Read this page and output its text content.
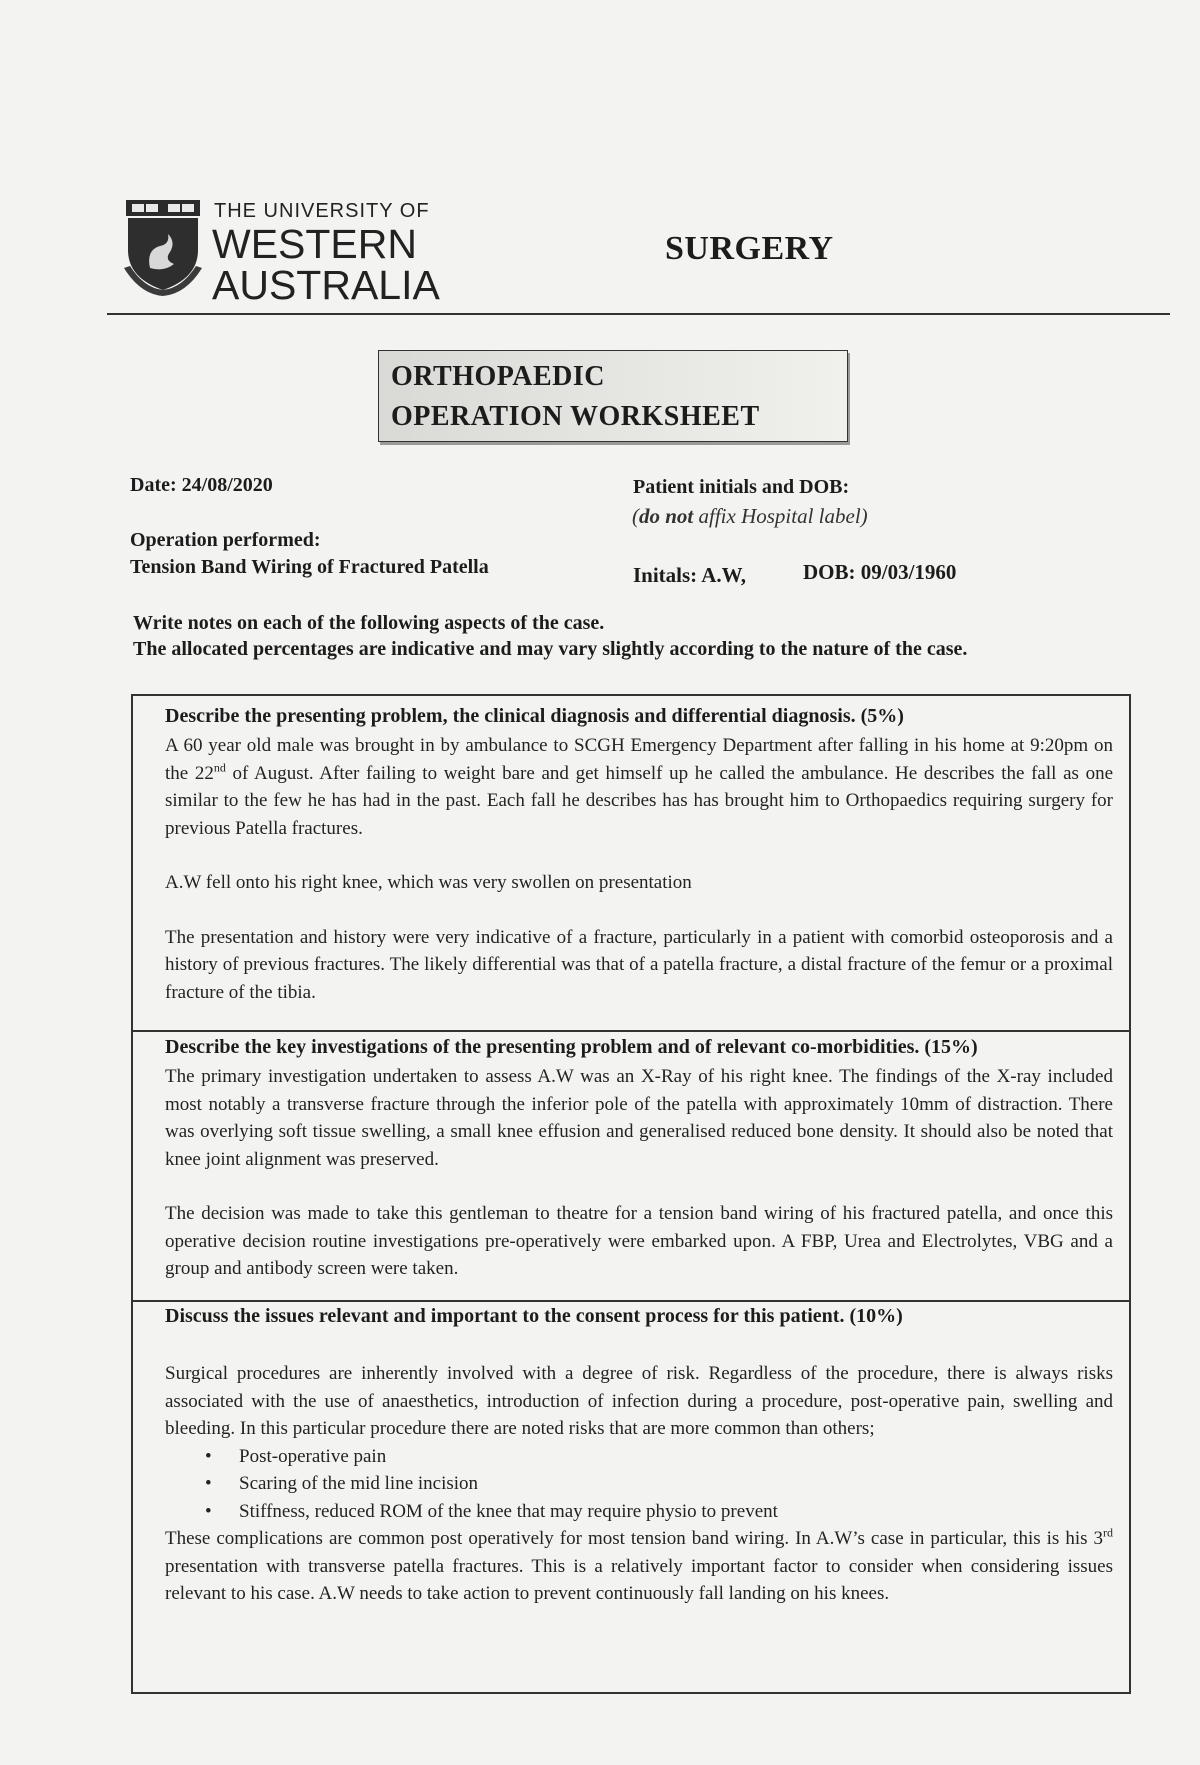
THE UNIVERSITY OF
WESTERN
AUSTRALIA
SURGERY
ORTHOPAEDIC
OPERATION WORKSHEET
Date: 24/08/2020
Operation performed:
Tension Band Wiring of Fractured Patella
Patient initials and DOB:
(do not affix Hospital label)
Initals: A.W,	DOB: 09/03/1960
Write notes on each of the following aspects of the case.
The allocated percentages are indicative and may vary slightly according to the nature of the case.
Describe the presenting problem, the clinical diagnosis and differential diagnosis. (5%)

A 60 year old male was brought in by ambulance to SCGH Emergency Department after falling in his home at 9:20pm on the 22nd of August. After failing to weight bare and get himself up he called the ambulance. He describes the fall as one similar to the few he has had in the past. Each fall he describes has has brought him to Orthopaedics requiring surgery for previous Patella fractures.

A.W fell onto his right knee, which was very swollen on presentation

The presentation and history were very indicative of a fracture, particularly in a patient with comorbid osteoporosis and a history of previous fractures. The likely differential was that of a patella fracture, a distal fracture of the femur or a proximal fracture of the tibia.

Describe the key investigations of the presenting problem and of relevant co-morbidities. (15%)

The primary investigation undertaken to assess A.W was an X-Ray of his right knee. The findings of the X-ray included most notably a transverse fracture through the inferior pole of the patella with approximately 10mm of distraction. There was overlying soft tissue swelling, a small knee effusion and generalised reduced bone density. It should also be noted that knee joint alignment was preserved.

The decision was made to take this gentleman to theatre for a tension band wiring of his fractured patella, and once this operative decision routine investigations pre-operatively were embarked upon. A FBP, Urea and Electrolytes, VBG and a group and antibody screen were taken.

Discuss the issues relevant and important to the consent process for this patient. (10%)

Surgical procedures are inherently involved with a degree of risk. Regardless of the procedure, there is always risks associated with the use of anaesthetics, introduction of infection during a procedure, post-operative pain, swelling and bleeding. In this particular procedure there are noted risks that are more common than others;

• Post-operative pain
• Scaring of the mid line incision
• Stiffness, reduced ROM of the knee that may require physio to prevent

These complications are common post operatively for most tension band wiring. In A.W’s case in particular, this is his 3rd presentation with transverse patella fractures. This is a relatively important factor to consider when considering issues relevant to his case. A.W needs to take action to prevent continuously fall landing on his knees.
